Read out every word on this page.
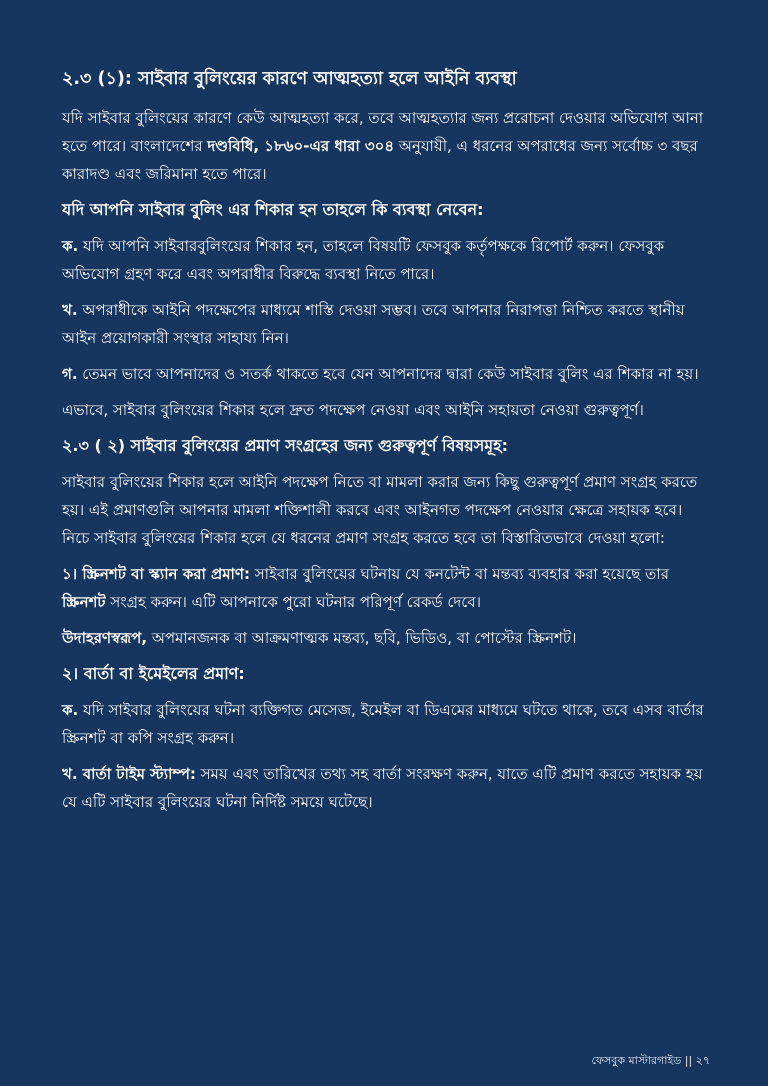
২.৩ (১): সাইবার বুলিংয়ের কারণে আত্মহত্যা হলে আইনি ব্যবস্থা

যদি সাইবার বুলিংয়ের কারণে কেউ আত্মহত্যা করে, তবে আত্মহত্যার জন্য প্ররোচনা দেওয়ার অভিযোগ আনা হতে পারে। বাংলাদেশের দণ্ডবিধি, ১৮৬০-এর ধারা ৩০৪ অনুযায়ী, এ ধরনের অপরাধের জন্য সর্বোচ্চ ৩ বছর কারাদণ্ড এবং জরিমানা হতে পারে।

যদি আপনি সাইবার বুলিং এর শিকার হন তাহলে কি ব্যবস্থা নেবেন:

ক. যদি আপনি সাইবারবুলিংয়ের শিকার হন, তাহলে বিষয়টি ফেসবুক কর্তৃপক্ষকে রিপোর্ট করুন। ফেসবুক অভিযোগ গ্রহণ করে এবং অপরাধীর বিরুদ্ধে ব্যবস্থা নিতে পারে।

খ. অপরাধীকে আইনি পদক্ষেপের মাধ্যমে শাস্তি দেওয়া সম্ভব। তবে আপনার নিরাপত্তা নিশ্চিত করতে স্থানীয় আইন প্রয়োগকারী সংস্থার সাহায্য নিন।

গ. তেমন ভাবে আপনাদের ও সতর্ক থাকতে হবে যেন আপনাদের দ্বারা কেউ সাইবার বুলিং এর শিকার না হয়।

এভাবে, সাইবার বুলিংয়ের শিকার হলে দ্রুত পদক্ষেপ নেওয়া এবং আইনি সহায়তা নেওয়া গুরুত্বপূর্ণ।

২.৩ ( ২) সাইবার বুলিংয়ের প্রমাণ সংগ্রহের জন্য গুরুত্বপূর্ণ বিষয়সমূহ:

সাইবার বুলিংয়ের শিকার হলে আইনি পদক্ষেপ নিতে বা মামলা করার জন্য কিছু গুরুত্বপূর্ণ প্রমাণ সংগ্রহ করতে হয়। এই প্রমাণগুলি আপনার মামলা শক্তিশালী করবে এবং আইনগত পদক্ষেপ নেওয়ার ক্ষেত্রে সহায়ক হবে। নিচে সাইবার বুলিংয়ের শিকার হলে যে ধরনের প্রমাণ সংগ্রহ করতে হবে তা বিস্তারিতভাবে দেওয়া হলো:

১। স্ক্রিনশট বা স্ক্যান করা প্রমাণ: সাইবার বুলিংয়ের ঘটনায় যে কনটেন্ট বা মন্তব্য ব্যবহার করা হয়েছে তার স্ক্রিনশট সংগ্রহ করুন। এটি আপনাকে পুরো ঘটনার পরিপূর্ণ রেকর্ড দেবে।

উদাহরণস্বরূপ, অপমানজনক বা আক্রমণাত্মক মন্তব্য, ছবি, ভিডিও, বা পোস্টের স্ক্রিনশট।

২। বার্তা বা ইমেইলের প্রমাণ:

ক. যদি সাইবার বুলিংয়ের ঘটনা ব্যক্তিগত মেসেজ, ইমেইল বা ডিএমের মাধ্যমে ঘটতে থাকে, তবে এসব বার্তার স্ক্রিনশট বা কপি সংগ্রহ করুন।

খ. বার্তা টাইম স্ট্যাম্প: সময় এবং তারিখের তথ্য সহ বার্তা সংরক্ষণ করুন, যাতে এটি প্রমাণ করতে সহায়ক হয় যে এটি সাইবার বুলিংয়ের ঘটনা নির্দিষ্ট সময়ে ঘটেছে।

ফেসবুক মাস্টারগাইড || ২৭
